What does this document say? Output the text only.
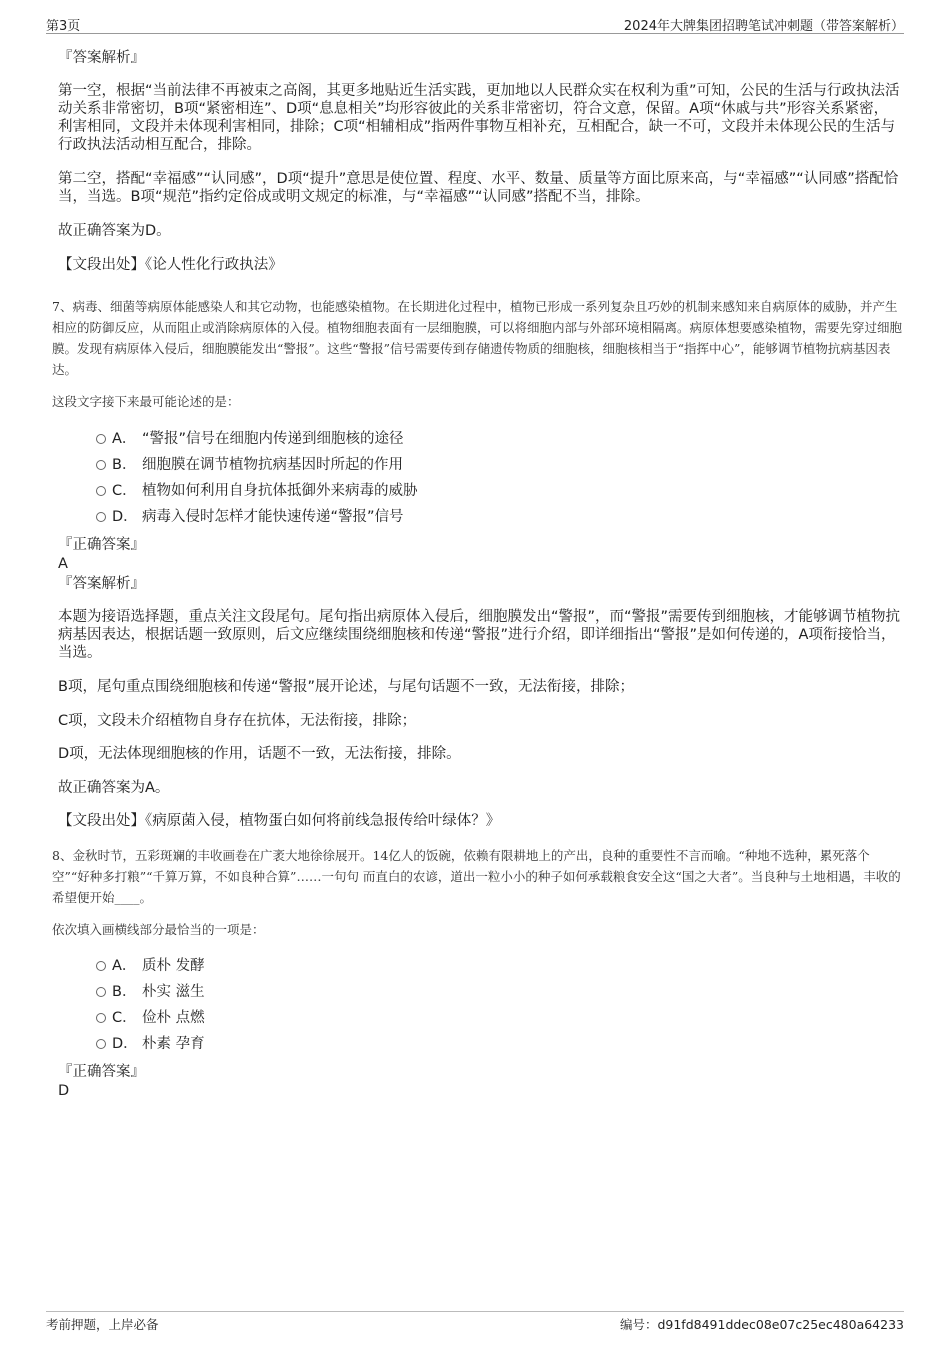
第3页	2024年大牌集团招聘笔试冲刺题（带答案解析）
『答案解析』
第一空，根据“当前法律不再被束之高阁，其更多地贴近生活实践，更加地以人民群众实在权利为重”可知，公民的生活与行政执法活动关系非常密切，B项“紧密相连”、D项“息息相关”均形容彼此的关系非常密切，符合文意，保留。A项“休戚与共”形容关系紧密，利害相同，文段并未体现利害相同，排除；C项“相辅相成”指两件事物互相补充，互相配合，缺一不可，文段并未体现公民的生活与行政执法活动相互配合，排除。
第二空，搭配“幸福感”“认同感”，D项“提升”意思是使位置、程度、水平、数量、质量等方面比原来高，与“幸福感”“认同感”搭配恰当，当选。B项“规范”指约定俗成或明文规定的标准，与“幸福感”“认同感”搭配不当，排除。
故正确答案为D。
【文段出处】《论人性化行政执法》
7、病毒、细菌等病原体能感染人和其它动物，也能感染植物。在长期进化过程中，植物已形成一系列复杂且巧妙的机制来感知来自病原体的威胁，并产生相应的防御反应，从而阻止或消除病原体的入侵。植物细胞表面有一层细胞膜，可以将细胞内部与外部环境相隔离。病原体想要感染植物，需要先穿过细胞膜。发现有病原体入侵后，细胞膜能发出“警报”。这些“警报”信号需要传到存储遗传物质的细胞核，细胞核相当于“指挥中心”，能够调节植物抗病基因表达。
这段文字接下来最可能论述的是：
A． “警报”信号在细胞内传递到细胞核的途径
B． 细胞膜在调节植物抗病基因时所起的作用
C． 植物如何利用自身抗体抵御外来病毒的威胁
D． 病毒入侵时怎样才能快速传递“警报”信号
『正确答案』
A
『答案解析』
本题为接语选择题，重点关注文段尾句。尾句指出病原体入侵后，细胞膜发出“警报”，而“警报”需要传到细胞核，才能够调节植物抗病基因表达，根据话题一致原则，后文应继续围绕细胞核和传递“警报”进行介绍，即详细指出“警报”是如何传递的，A项衔接恰当，当选。
B项，尾句重点围绕细胞核和传递“警报”展开论述，与尾句话题不一致，无法衔接，排除；
C项，文段未介绍植物自身存在抗体，无法衔接，排除；
D项，无法体现细胞核的作用，话题不一致，无法衔接，排除。
故正确答案为A。
【文段出处】《病原菌入侵，植物蛋白如何将前线急报传给叶绿体？》
8、金秋时节，五彩斑斓的丰收画卷在广袤大地徐徐展开。14亿人的饭碗，依赖有限耕地上的产出，良种的重要性不言而喻。“种地不选种，累死落个空”“好种多打粮”“千算万算，不如良种合算”……一句句 而直白的农谚，道出一粒小小的种子如何承载粮食安全这“国之大者”。当良种与土地相遇，丰收的希望便开始____。
依次填入画横线部分最恰当的一项是：
A． 质朴 发酵
B． 朴实 滋生
C． 俭朴 点燃
D． 朴素 孕育
『正确答案』
D
考前押题，上岸必备	编号：d91fd8491ddec08e07c25ec480a64233
